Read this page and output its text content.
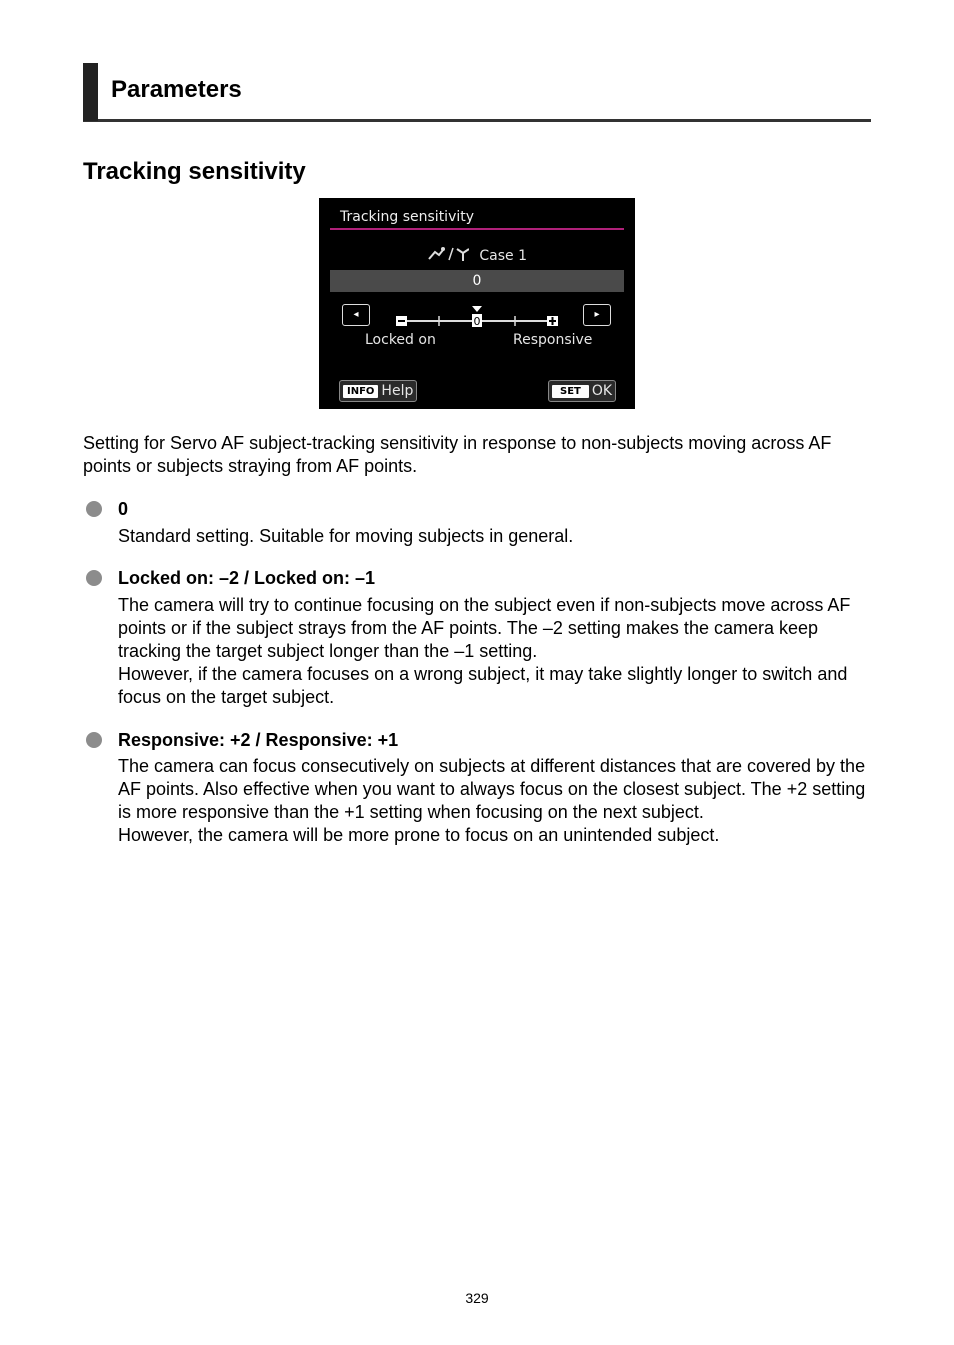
Parameters
Tracking sensitivity
Tracking sensitivity
Case 1
0
◂	▸
0
Locked on	Responsive
INFO Help	SET OK
Setting for Servo AF subject-tracking sensitivity in response to non-subjects moving across AF points or subjects straying from AF points.
0
Standard setting. Suitable for moving subjects in general.
Locked on: –2 / Locked on: –1
The camera will try to continue focusing on the subject even if non-subjects move across AF points or if the subject strays from the AF points. The –2 setting makes the camera keep tracking the target subject longer than the –1 setting.
However, if the camera focuses on a wrong subject, it may take slightly longer to switch and focus on the target subject.
Responsive: +2 / Responsive: +1
The camera can focus consecutively on subjects at different distances that are covered by the AF points. Also effective when you want to always focus on the closest subject. The +2 setting is more responsive than the +1 setting when focusing on the next subject.
However, the camera will be more prone to focus on an unintended subject.
329
